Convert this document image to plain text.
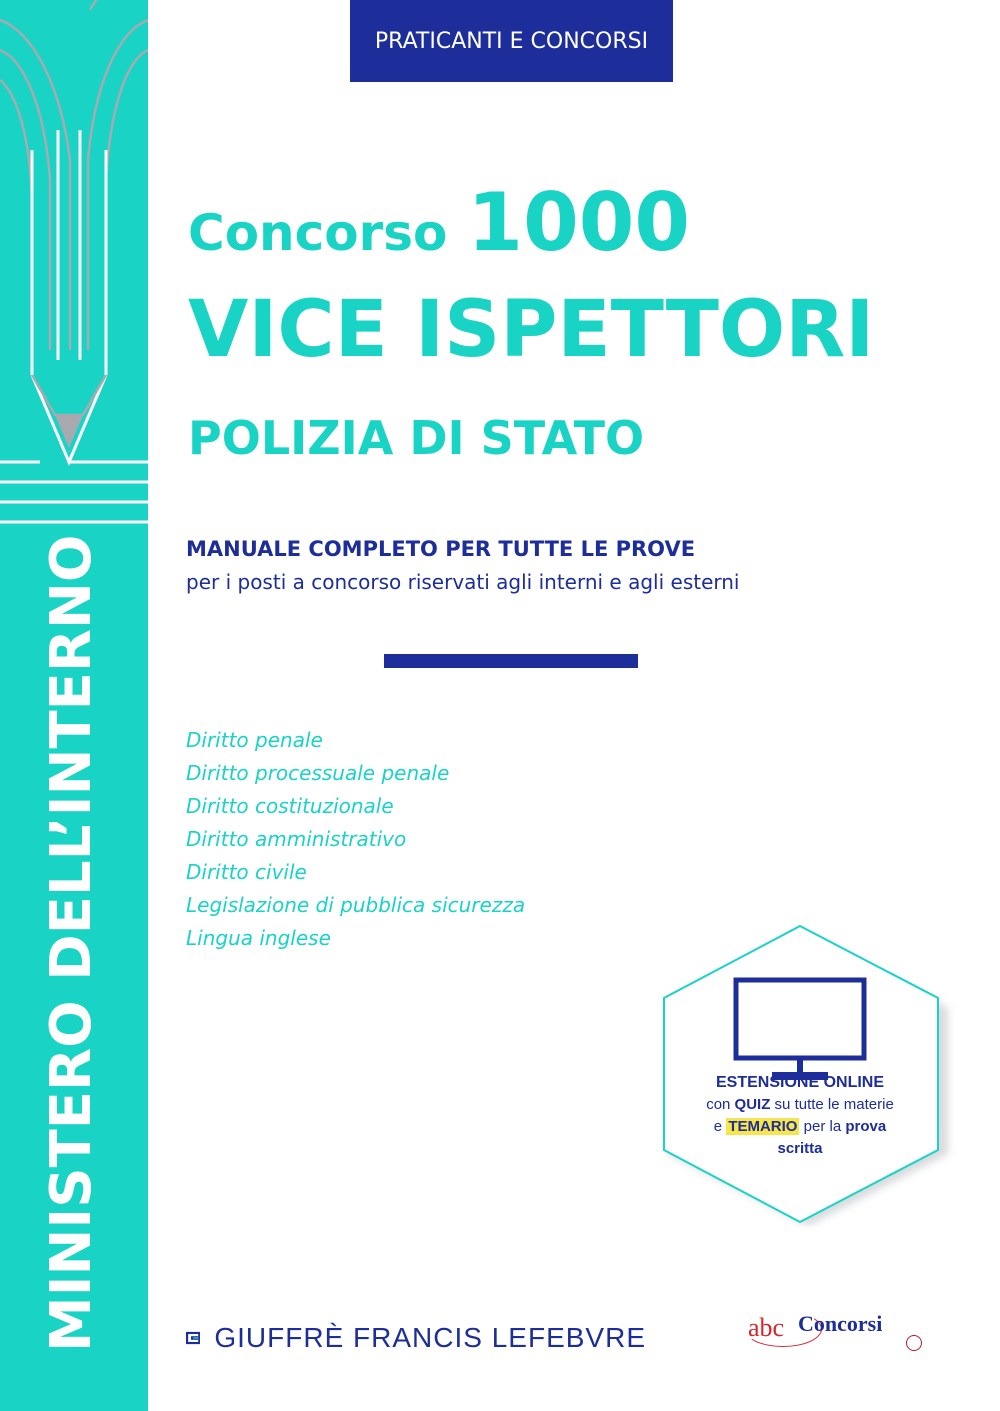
MINISTERO DELL’INTERNO
PRATICANTI E CONCORSI
Concorso 1000
VICE ISPETTORI
POLIZIA DI STATO
MANUALE COMPLETO PER TUTTE LE PROVE
per i posti a concorso riservati agli interni e agli esterni
Diritto penale
Diritto processuale penale
Diritto costituzionale
Diritto amministrativo
Diritto civile
Legislazione di pubblica sicurezza
Lingua inglese
ESTENSIONE ONLINE
con QUIZ su tutte le materie
e TEMARIO per la prova
scritta
GIUFFRÈ FRANCIS LEFEBVRE	abc Concorsi
